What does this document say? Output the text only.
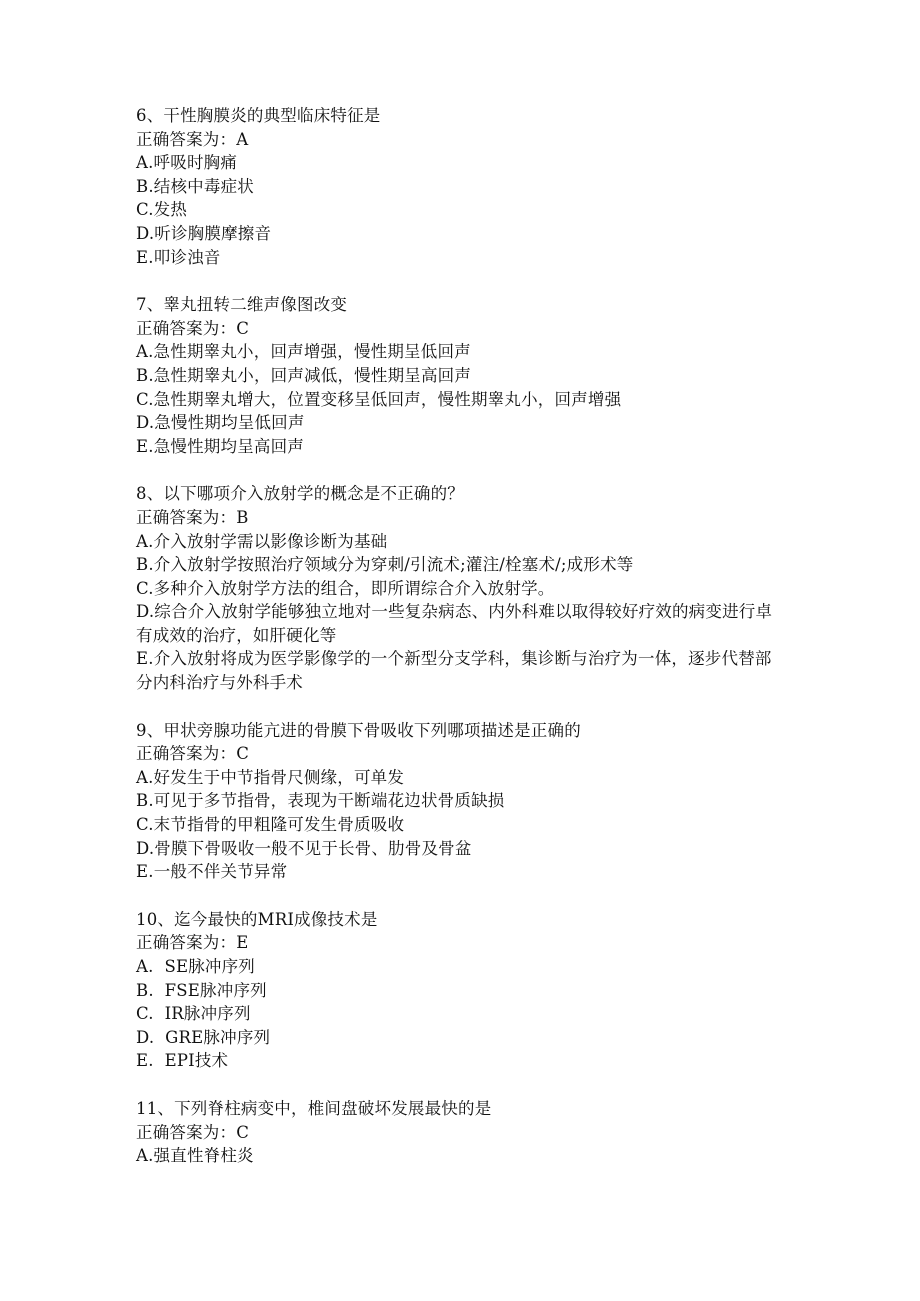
6、干性胸膜炎的典型临床特征是
正确答案为：A
A.呼吸时胸痛
B.结核中毒症状
C.发热
D.听诊胸膜摩擦音
E.叩诊浊音
7、睾丸扭转二维声像图改变
正确答案为：C
A.急性期睾丸小，回声增强，慢性期呈低回声
B.急性期睾丸小，回声减低，慢性期呈高回声
C.急性期睾丸增大，位置变移呈低回声，慢性期睾丸小，回声增强
D.急慢性期均呈低回声
E.急慢性期均呈高回声
8、以下哪项介入放射学的概念是不正确的？
正确答案为：B
A.介入放射学需以影像诊断为基础
B.介入放射学按照治疗领域分为穿刺/引流术;灌注/栓塞术/;成形术等
C.多种介入放射学方法的组合，即所谓综合介入放射学。
D.综合介入放射学能够独立地对一些复杂病态、内外科难以取得较好疗效的病变进行卓有成效的治疗，如肝硬化等
E.介入放射将成为医学影像学的一个新型分支学科，集诊断与治疗为一体，逐步代替部分内科治疗与外科手术
9、甲状旁腺功能亢进的骨膜下骨吸收下列哪项描述是正确的
正确答案为：C
A.好发生于中节指骨尺侧缘，可单发
B.可见于多节指骨，表现为干断端花边状骨质缺损
C.末节指骨的甲粗隆可发生骨质吸收
D.骨膜下骨吸收一般不见于长骨、肋骨及骨盆
E.一般不伴关节异常
10、迄今最快的MRI成像技术是
正确答案为：E
A.  SE脉冲序列
B.  FSE脉冲序列
C.  IR脉冲序列
D.  GRE脉冲序列
E.  EPI技术
11、下列脊柱病变中，椎间盘破坏发展最快的是
正确答案为：C
A.强直性脊柱炎
